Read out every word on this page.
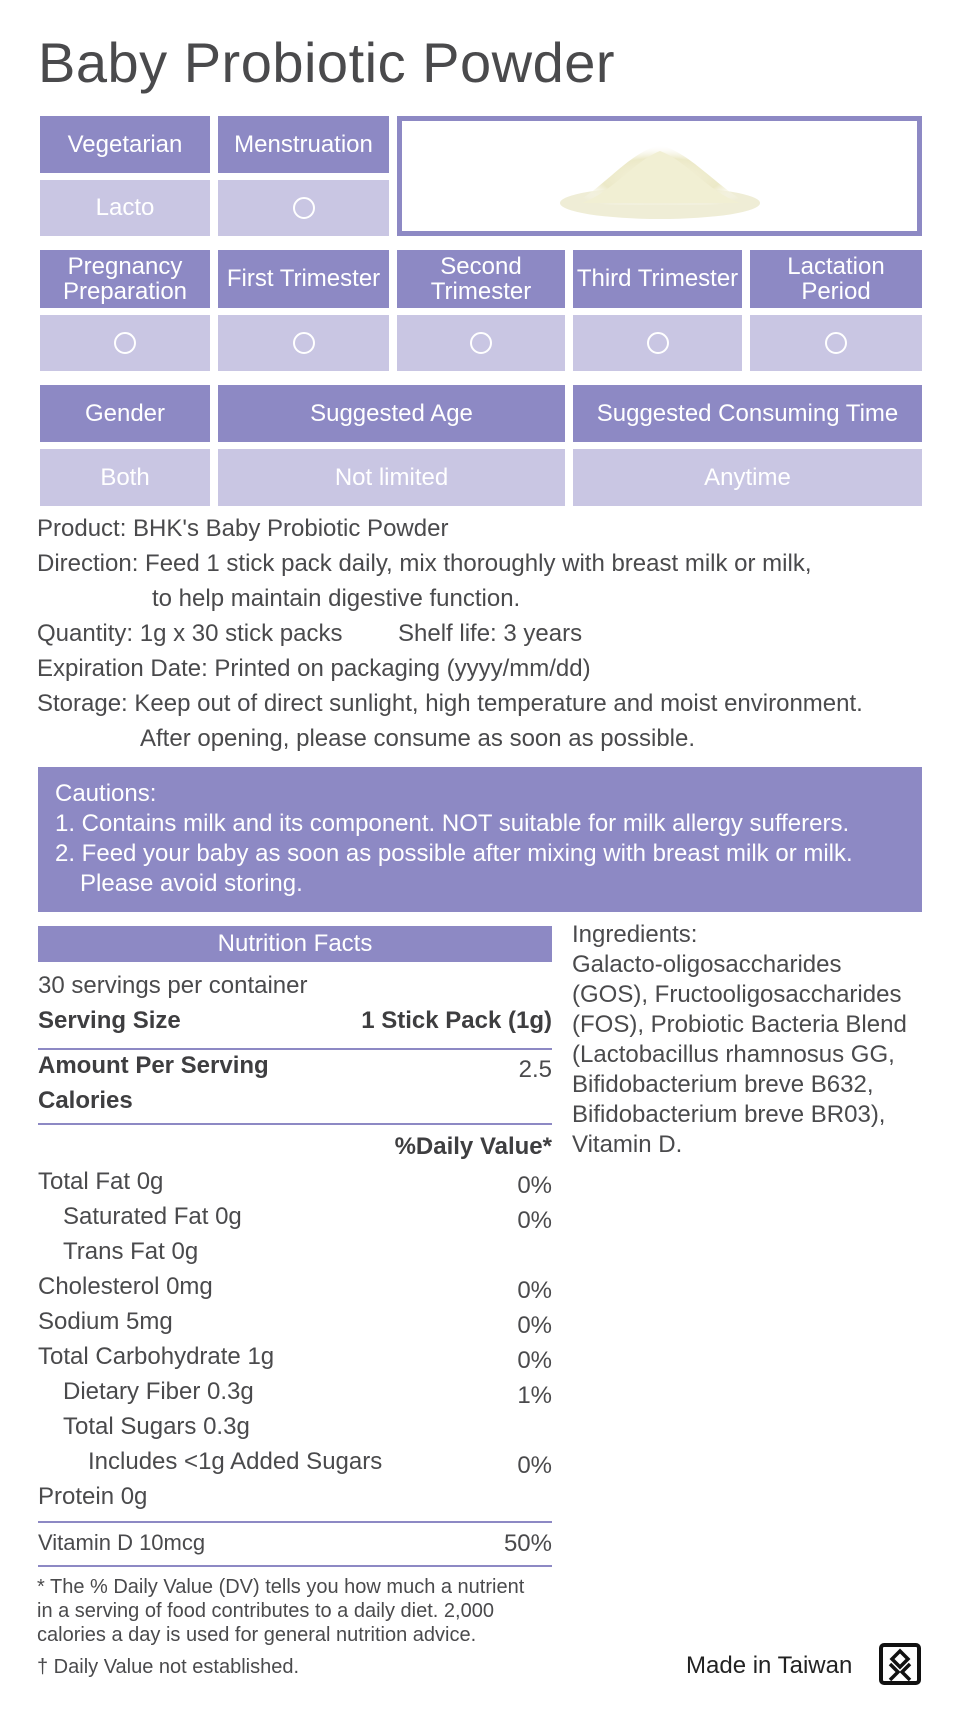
Baby Probiotic Powder
Vegetarian	Menstruation
Lacto
Pregnancy Preparation	First Trimester	Second Trimester	Third Trimester	Lactation Period
Gender	Suggested Age	Suggested Consuming Time
Both	Not limited	Anytime
Product: BHK's Baby Probiotic Powder
Direction: Feed 1 stick pack daily, mix thoroughly with breast milk or milk,
to help maintain digestive function.
Quantity: 1g x 30 stick packs Shelf life: 3 years
Expiration Date: Printed on packaging (yyyy/mm/dd)
Storage: Keep out of direct sunlight, high temperature and moist environment.
After opening, please consume as soon as possible.
Cautions:
1. Contains milk and its component. NOT suitable for milk allergy sufferers.
2. Feed your baby as soon as possible after mixing with breast milk or milk.
Please avoid storing.
Nutrition Facts
30 servings per container
Serving Size	1 Stick Pack (1g)
Amount Per Serving	2.5
Calories
%Daily Value*
Total Fat 0g	0%
Saturated Fat 0g	0%
Trans Fat 0g
Cholesterol 0mg	0%
Sodium 5mg	0%
Total Carbohydrate 1g	0%
Dietary Fiber 0.3g	1%
Total Sugars 0.3g
Includes <1g Added Sugars	0%
Protein 0g
Vitamin D 10mcg	50%
* The % Daily Value (DV) tells you how much a nutrient
in a serving of food contributes to a daily diet. 2,000
calories a day is used for general nutrition advice.
† Daily Value not established.
Ingredients:
Galacto-oligosaccharides
(GOS), Fructooligosaccharides
(FOS), Probiotic Bacteria Blend
(Lactobacillus rhamnosus GG,
Bifidobacterium breve B632,
Bifidobacterium breve BR03),
Vitamin D.
Made in Taiwan
